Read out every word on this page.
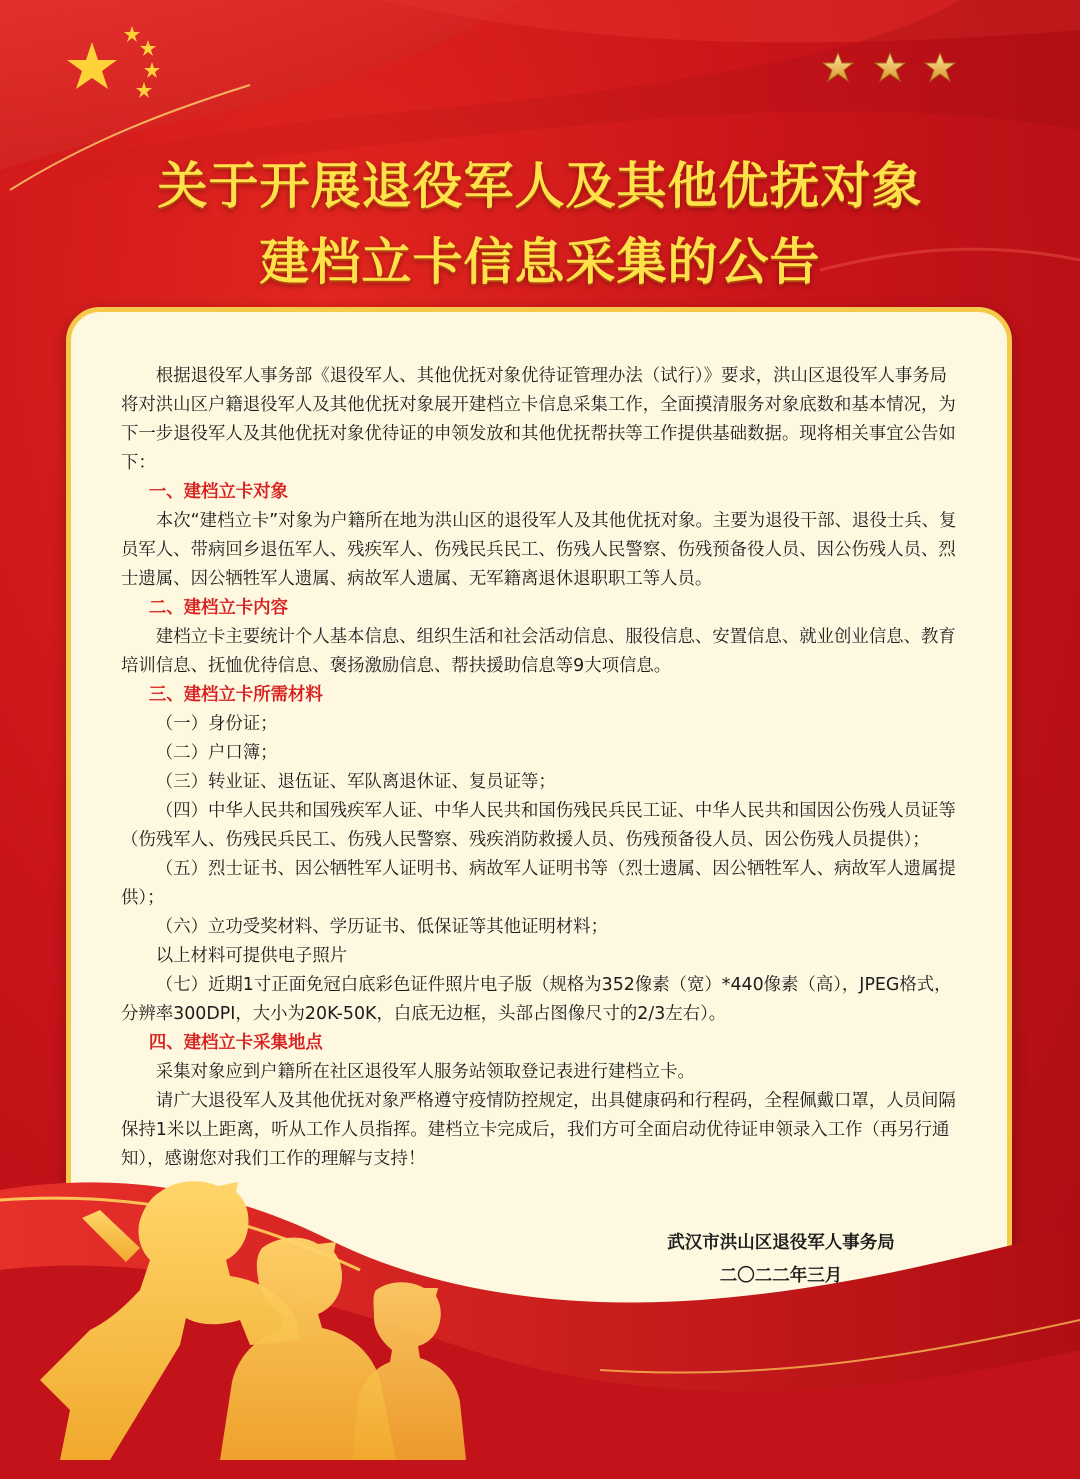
关于开展退役军人及其他优抚对象
建档立卡信息采集的公告

根据退役军人事务部《退役军人、其他优抚对象优待证管理办法（试行）》要求，洪山区退役军人事务局将对洪山区户籍退役军人及其他优抚对象展开建档立卡信息采集工作，全面摸清服务对象底数和基本情况，为下一步退役军人及其他优抚对象优待证的申领发放和其他优抚帮扶等工作提供基础数据。现将相关事宜公告如下：

一、建档立卡对象

本次“建档立卡”对象为户籍所在地为洪山区的退役军人及其他优抚对象。主要为退役干部、退役士兵、复员军人、带病回乡退伍军人、残疾军人、伤残民兵民工、伤残人民警察、伤残预备役人员、因公伤残人员、烈士遗属、因公牺牲军人遗属、病故军人遗属、无军籍离退休退职职工等人员。

二、建档立卡内容

建档立卡主要统计个人基本信息、组织生活和社会活动信息、服役信息、安置信息、就业创业信息、教育培训信息、抚恤优待信息、褒扬激励信息、帮扶援助信息等9大项信息。

三、建档立卡所需材料

（一）身份证；

（二）户口簿；

（三）转业证、退伍证、军队离退休证、复员证等；

（四）中华人民共和国残疾军人证、中华人民共和国伤残民兵民工证、中华人民共和国因公伤残人员证等（伤残军人、伤残民兵民工、伤残人民警察、残疾消防救援人员、伤残预备役人员、因公伤残人员提供）；

（五）烈士证书、因公牺牲军人证明书、病故军人证明书等（烈士遗属、因公牺牲军人、病故军人遗属提供）；

（六）立功受奖材料、学历证书、低保证等其他证明材料；

以上材料可提供电子照片

（七）近期1寸正面免冠白底彩色证件照片电子版（规格为352像素（宽）*440像素（高），JPEG格式，分辨率300DPI，大小为20K-50K，白底无边框，头部占图像尺寸的2/3左右）。

四、建档立卡采集地点

采集对象应到户籍所在社区退役军人服务站领取登记表进行建档立卡。

请广大退役军人及其他优抚对象严格遵守疫情防控规定，出具健康码和行程码，全程佩戴口罩，人员间隔保持1米以上距离，听从工作人员指挥。建档立卡完成后，我们方可全面启动优待证申领录入工作（再另行通知），感谢您对我们工作的理解与支持！

武汉市洪山区退役军人事务局
二〇二二年三月
